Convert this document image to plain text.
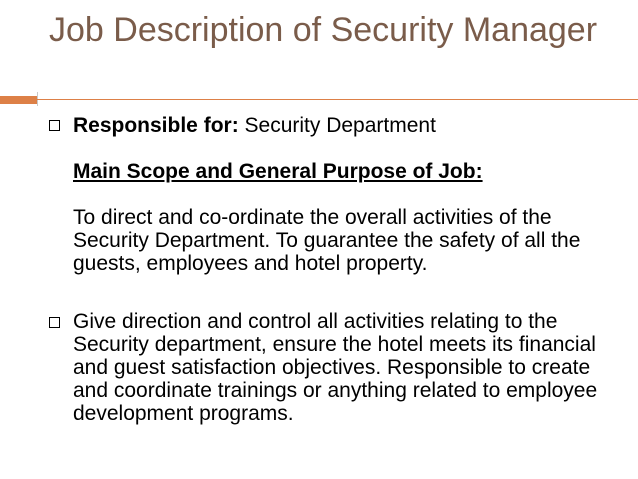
Job Description of Security Manager
Responsible for: Security Department
Main Scope and General Purpose of Job:
To direct and co-ordinate the overall activities of the Security Department. To guarantee the safety of all the guests, employees and hotel property.
Give direction and control all activities relating to the Security department, ensure the hotel meets its financial and guest satisfaction objectives. Responsible to create and coordinate trainings or anything related to employee development programs.
